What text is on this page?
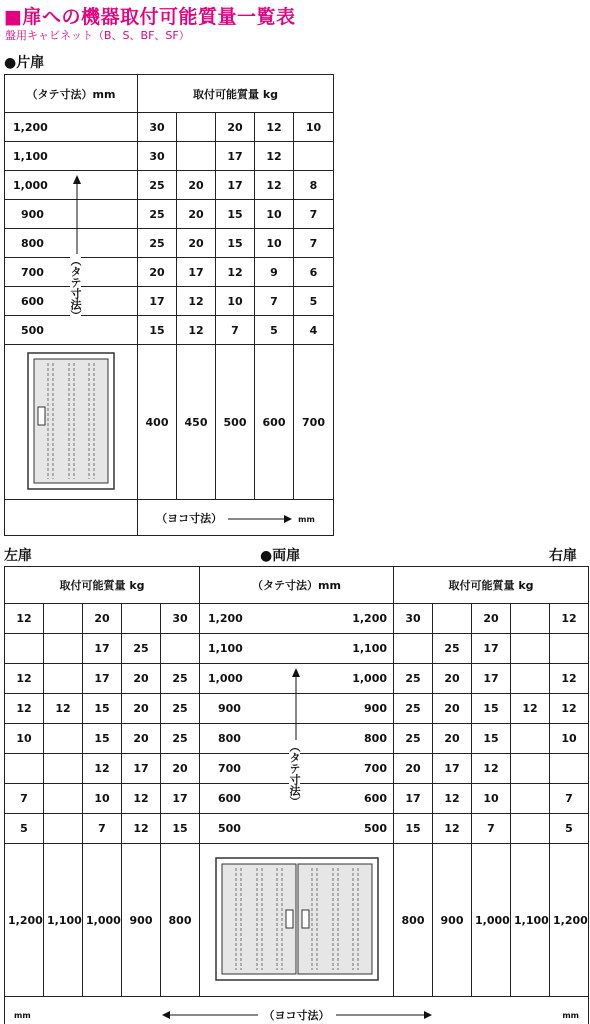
■扉への機器取付可能質量一覧表
盤用キャビネット（B、S、BF、SF）
●片扉
（タテ寸法）mm	取付可能質量 kg				
1,200	30		20	12	10
1,100	30		17	12	
1,000	25	20	17	12	8
900	25	20	15	10	7
800	25	20	15	10	7
700	20	17	12	9	6
600	17	12	10	7	5
500	15	12	7	5	4
	400	450	500	600	700
	（ヨコ寸法） mm				
左扉	●両扉	右扉
取付可能質量 kg					（タテ寸法）mm	取付可能質量 kg				
12		20		30	1,200 1,200	30		20		12
		17	25		1,100 1,100		25	17		
12		17	20	25	1,000 1,000	25	20	17		12
12	12	15	20	25	900 900	25	20	15	12	12
10		15	20	25	800 800	25	20	15		10
		12	17	20	700 700	20	17	12		
7		10	12	17	600 600	17	12	10		7
5		7	12	15	500 500	15	12	7		5
1,200	1,100	1,000	900	800		800	900	1,000	1,100	1,200

mm （ヨコ寸法） mm										
（タテ寸法）
（タテ寸法）
